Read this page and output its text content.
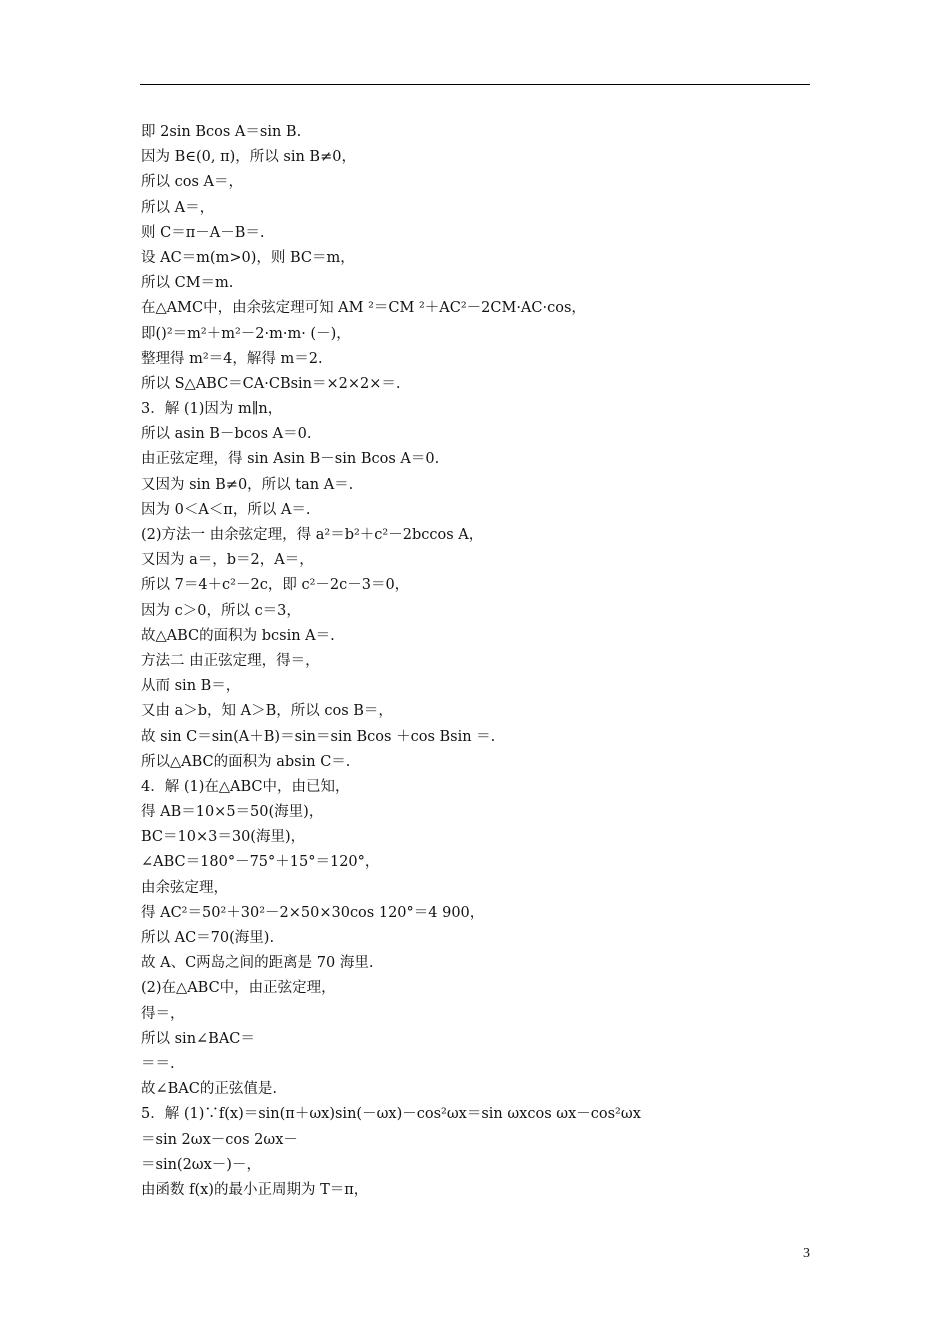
即 2sin Bcos A＝sin B.
因为 B∈(0, π)，所以 sin B≠0，
所以 cos A＝，
所以 A＝，
则 C＝π－A－B＝.
设 AC＝m(m>0)，则 BC＝m，
所以 CM＝m.
在△AMC中，由余弦定理可知 AM ²＝CM ²＋AC²－2CM·AC·cos，
即()²＝m²＋m²－2·m·m· (－)，
整理得 m²＝4，解得 m＝2.
所以 S△ABC＝CA·CBsin＝×2×2×＝.
3．解 (1)因为 m∥n，
所以 asin B－bcos A＝0.
由正弦定理，得 sin Asin B－sin Bcos A＝0.
又因为 sin B≠0，所以 tan A＝.
因为 0＜A＜π，所以 A＝.
(2)方法一 由余弦定理，得 a²＝b²＋c²－2bccos A，
又因为 a＝，b＝2，A＝，
所以 7＝4＋c²－2c，即 c²－2c－3＝0，
因为 c＞0，所以 c＝3，
故△ABC的面积为 bcsin A＝.
方法二 由正弦定理，得＝，
从而 sin B＝，
又由 a＞b，知 A＞B，所以 cos B＝，
故 sin C＝sin(A＋B)＝sin＝sin Bcos ＋cos Bsin ＝.
所以△ABC的面积为 absin C＝.
4．解 (1)在△ABC中，由已知，
得 AB＝10×5＝50(海里)，
BC＝10×3＝30(海里)，
∠ABC＝180°－75°＋15°＝120°，
由余弦定理，
得 AC²＝50²＋30²－2×50×30cos 120°＝4 900，
所以 AC＝70(海里).
故 A、C两岛之间的距离是 70 海里.
(2)在△ABC中，由正弦定理，
得＝，
所以 sin∠BAC＝
＝＝.
故∠BAC的正弦值是.
5．解 (1)∵f(x)＝sin(π＋ωx)sin(－ωx)－cos²ωx＝sin ωxcos ωx－cos²ωx
＝sin 2ωx－cos 2ωx－
＝sin(2ωx－)－，
由函数 f(x)的最小正周期为 T＝π，
3
